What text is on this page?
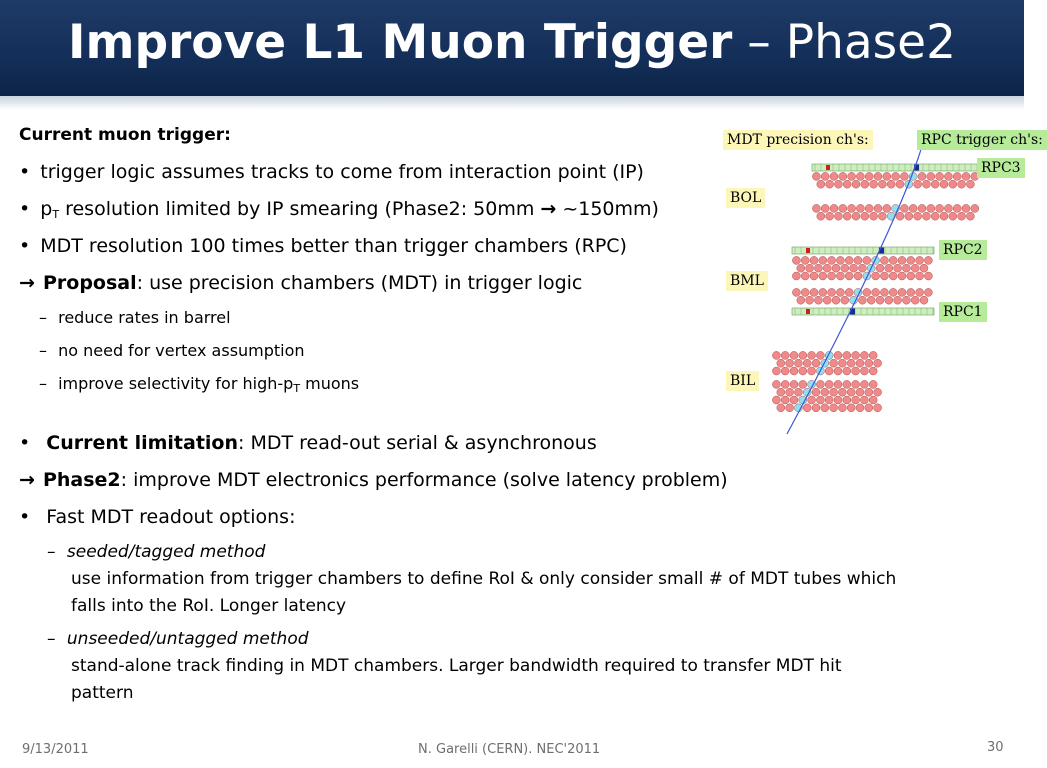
Improve L1 Muon Trigger – Phase2
Current muon trigger:
• trigger logic assumes tracks to come from interaction point (IP)
• $p_T$ resolution limited by IP smearing (Phase2: 50mm → ~150mm)
• MDT resolution 100 times better than trigger chambers (RPC)
→ Proposal: use precision chambers (MDT) in trigger logic
– reduce rates in barrel
– no need for vertex assumption
– improve selectivity for high-$p_T$ muons
• Current limitation: MDT read-out serial & asynchronous
→ Phase2: improve MDT electronics performance (solve latency problem)
• Fast MDT readout options:
– seeded/tagged method
use information from trigger chambers to define RoI & only consider small # of MDT tubes which
falls into the RoI. Longer latency
– unseeded/untagged method
stand-alone track finding in MDT chambers. Larger bandwidth required to transfer MDT hit
pattern
MDT precision ch's:	RPC trigger ch's:
RPC3
BOL
RPC2
BML
RPC1
BIL
9/13/2011	N. Garelli (CERN). NEC'2011	30
